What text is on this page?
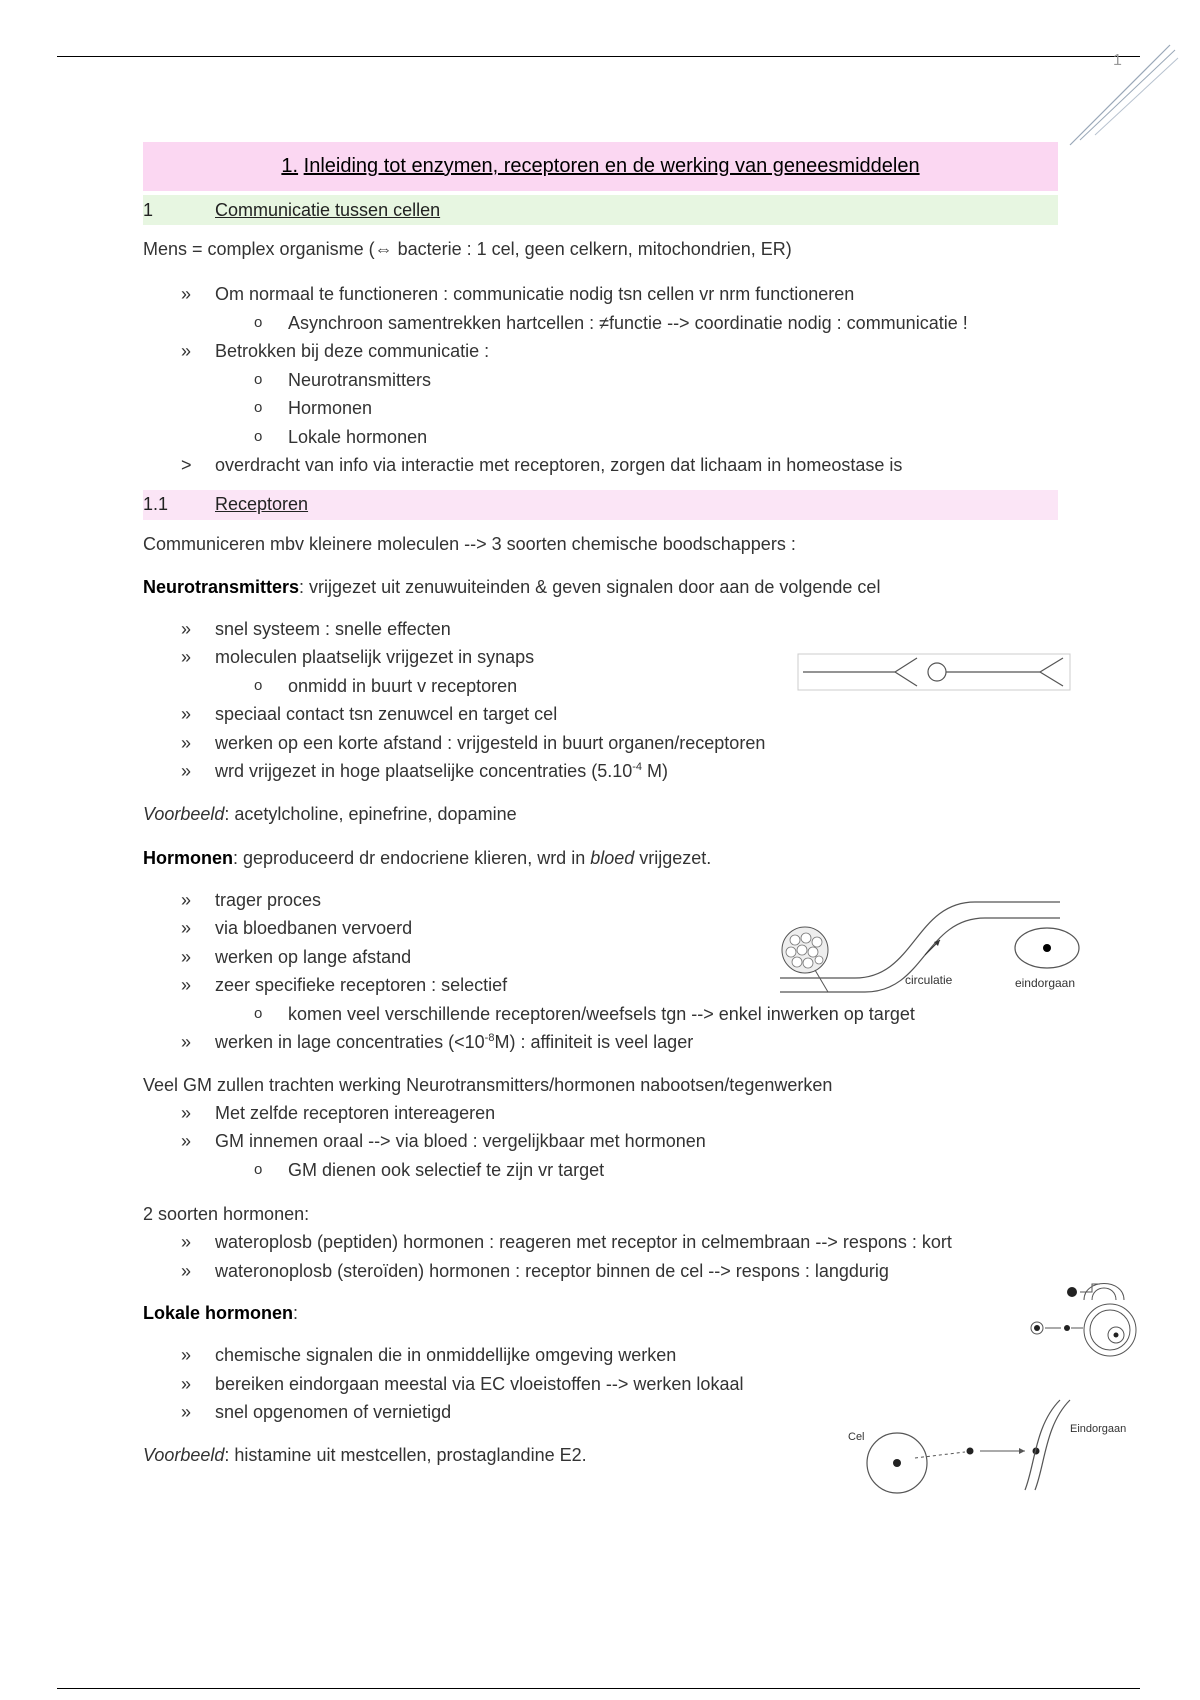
1
1.
Inleiding tot enzymen, receptoren en de werking van geneesmiddelen
1	Communicatie tussen cellen

Mens = complex organisme (⇔ bacterie : 1 cel, geen celkern, mitochondrien, ER)

» Om normaal te functioneren : communicatie nodig tsn cellen vr nrm functioneren
o Asynchroon samentrekken hartcellen : ≠functie --> coordinatie nodig : communicatie !
» Betrokken bij deze communicatie :
o Neurotransmitters
o Hormonen
o Lokale hormonen
> overdracht van info via interactie met receptoren, zorgen dat lichaam in homeostase is
1.1	Receptoren

Communiceren mbv kleinere moleculen --> 3 soorten chemische boodschappers :

Neurotransmitters: vrijgezet uit zenuwuiteinden & geven signalen door aan de volgende cel

» snel systeem : snelle effecten
» moleculen plaatselijk vrijgezet in synaps
o onmidd in buurt v receptoren
» speciaal contact tsn zenuwcel en target cel
» werken op een korte afstand : vrijgesteld in buurt organen/receptoren
» wrd vrijgezet in hoge plaatselijke concentraties ($5.10^{-4}$ M)

Voorbeeld: acetylcholine, epinefrine, dopamine

Hormonen: geproduceerd dr endocriene klieren, wrd in bloed vrijgezet.

» trager proces
» via bloedbanen vervoerd
» werken op lange afstand
» zeer specifieke receptoren : selectief
o komen veel verschillende receptoren/weefsels tgn --> enkel inwerken op target
» werken in lage concentraties $(<10^{-8}M)$ : affiniteit is veel lager

Veel GM zullen trachten werking Neurotransmitters/hormonen nabootsen/tegenwerken

» Met zelfde receptoren intereageren
» GM innemen oraal --> via bloed : vergelijkbaar met hormonen
o GM dienen ook selectief te zijn vr target

2 soorten hormonen:

» wateroplosb (peptiden) hormonen : reageren met receptor in celmembraan --> respons : kort
» wateronoplosb (steroïden) hormonen : receptor binnen de cel --> respons : langdurig

Lokale hormonen:

» chemische signalen die in onmiddellijke omgeving werken
» bereiken eindorgaan meestal via EC vloeistoffen --> werken lokaal
» snel opgenomen of vernietigd

Voorbeeld: histamine uit mestcellen, prostaglandine E2.

circulatie	eindorgaan
Cel
Eindorgaan
